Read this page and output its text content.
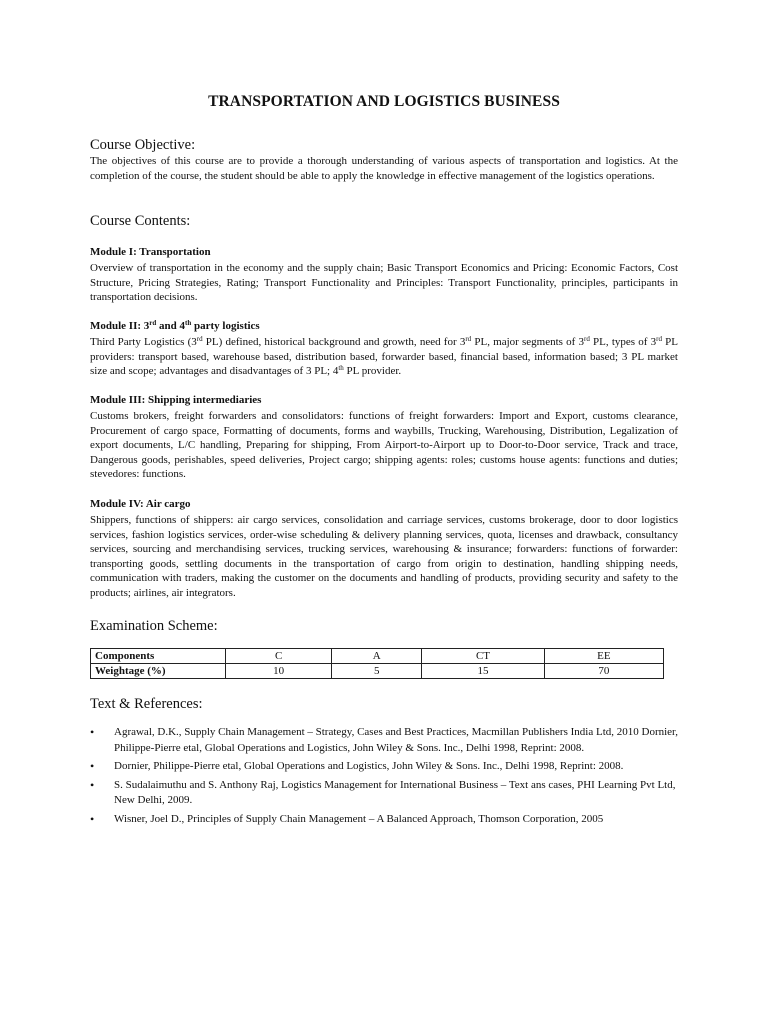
TRANSPORTATION AND LOGISTICS BUSINESS
Course Objective:
The objectives of this course are to provide a thorough understanding of various aspects of transportation and logistics. At the completion of the course, the student should be able to apply the knowledge in effective management of the logistics operations.
Course Contents:
Module I: Transportation
Overview of transportation in the economy and the supply chain; Basic Transport Economics and Pricing: Economic Factors, Cost Structure, Pricing Strategies, Rating; Transport Functionality and Principles: Transport Functionality, principles, participants in transportation decisions.
Module II: 3rd and 4th party logistics
Third Party Logistics (3rd PL) defined, historical background and growth, need for 3rd PL, major segments of 3rd PL, types of 3rd PL providers: transport based, warehouse based, distribution based, forwarder based, financial based, information based; 3 PL market size and scope; advantages and disadvantages of 3 PL; 4th PL provider.
Module III: Shipping intermediaries
Customs brokers, freight forwarders and consolidators: functions of freight forwarders: Import and Export, customs clearance, Procurement of cargo space, Formatting of documents, forms and waybills, Trucking, Warehousing, Distribution, Legalization of export documents, L/C handling, Preparing for shipping, From Airport-to-Airport up to Door-to-Door service, Track and trace, Dangerous goods, perishables, speed deliveries, Project cargo; shipping agents: roles; customs house agents: functions and duties; stevedores: functions.
Module IV: Air cargo
Shippers, functions of shippers: air cargo services, consolidation and carriage services, customs brokerage, door to door logistics services, fashion logistics services, order-wise scheduling & delivery planning services, quota, licenses and drawback, consultancy services, sourcing and merchandising services, trucking services, warehousing & insurance; forwarders: functions of forwarder: transporting goods, settling documents in the transportation of cargo from origin to destination, handling shipping needs, communication with traders, making the customer on the documents and handling of products, providing security and safety to the products; airlines, air integrators.
Examination Scheme:
Components	C	A	CT	EE
Weightage (%)	10	5	15	70
Text & References:
• Agrawal, D.K., Supply Chain Management – Strategy, Cases and Best Practices, Macmillan Publishers India Ltd, 2010 Dornier, Philippe-Pierre etal, Global Operations and Logistics, John Wiley & Sons. Inc., Delhi 1998, Reprint: 2008.
• Dornier, Philippe-Pierre etal, Global Operations and Logistics, John Wiley & Sons. Inc., Delhi 1998, Reprint: 2008.
• S. Sudalaimuthu and S. Anthony Raj, Logistics Management for International Business – Text ans cases, PHI Learning Pvt Ltd, New Delhi, 2009.
• Wisner, Joel D., Principles of Supply Chain Management – A Balanced Approach, Thomson Corporation, 2005
